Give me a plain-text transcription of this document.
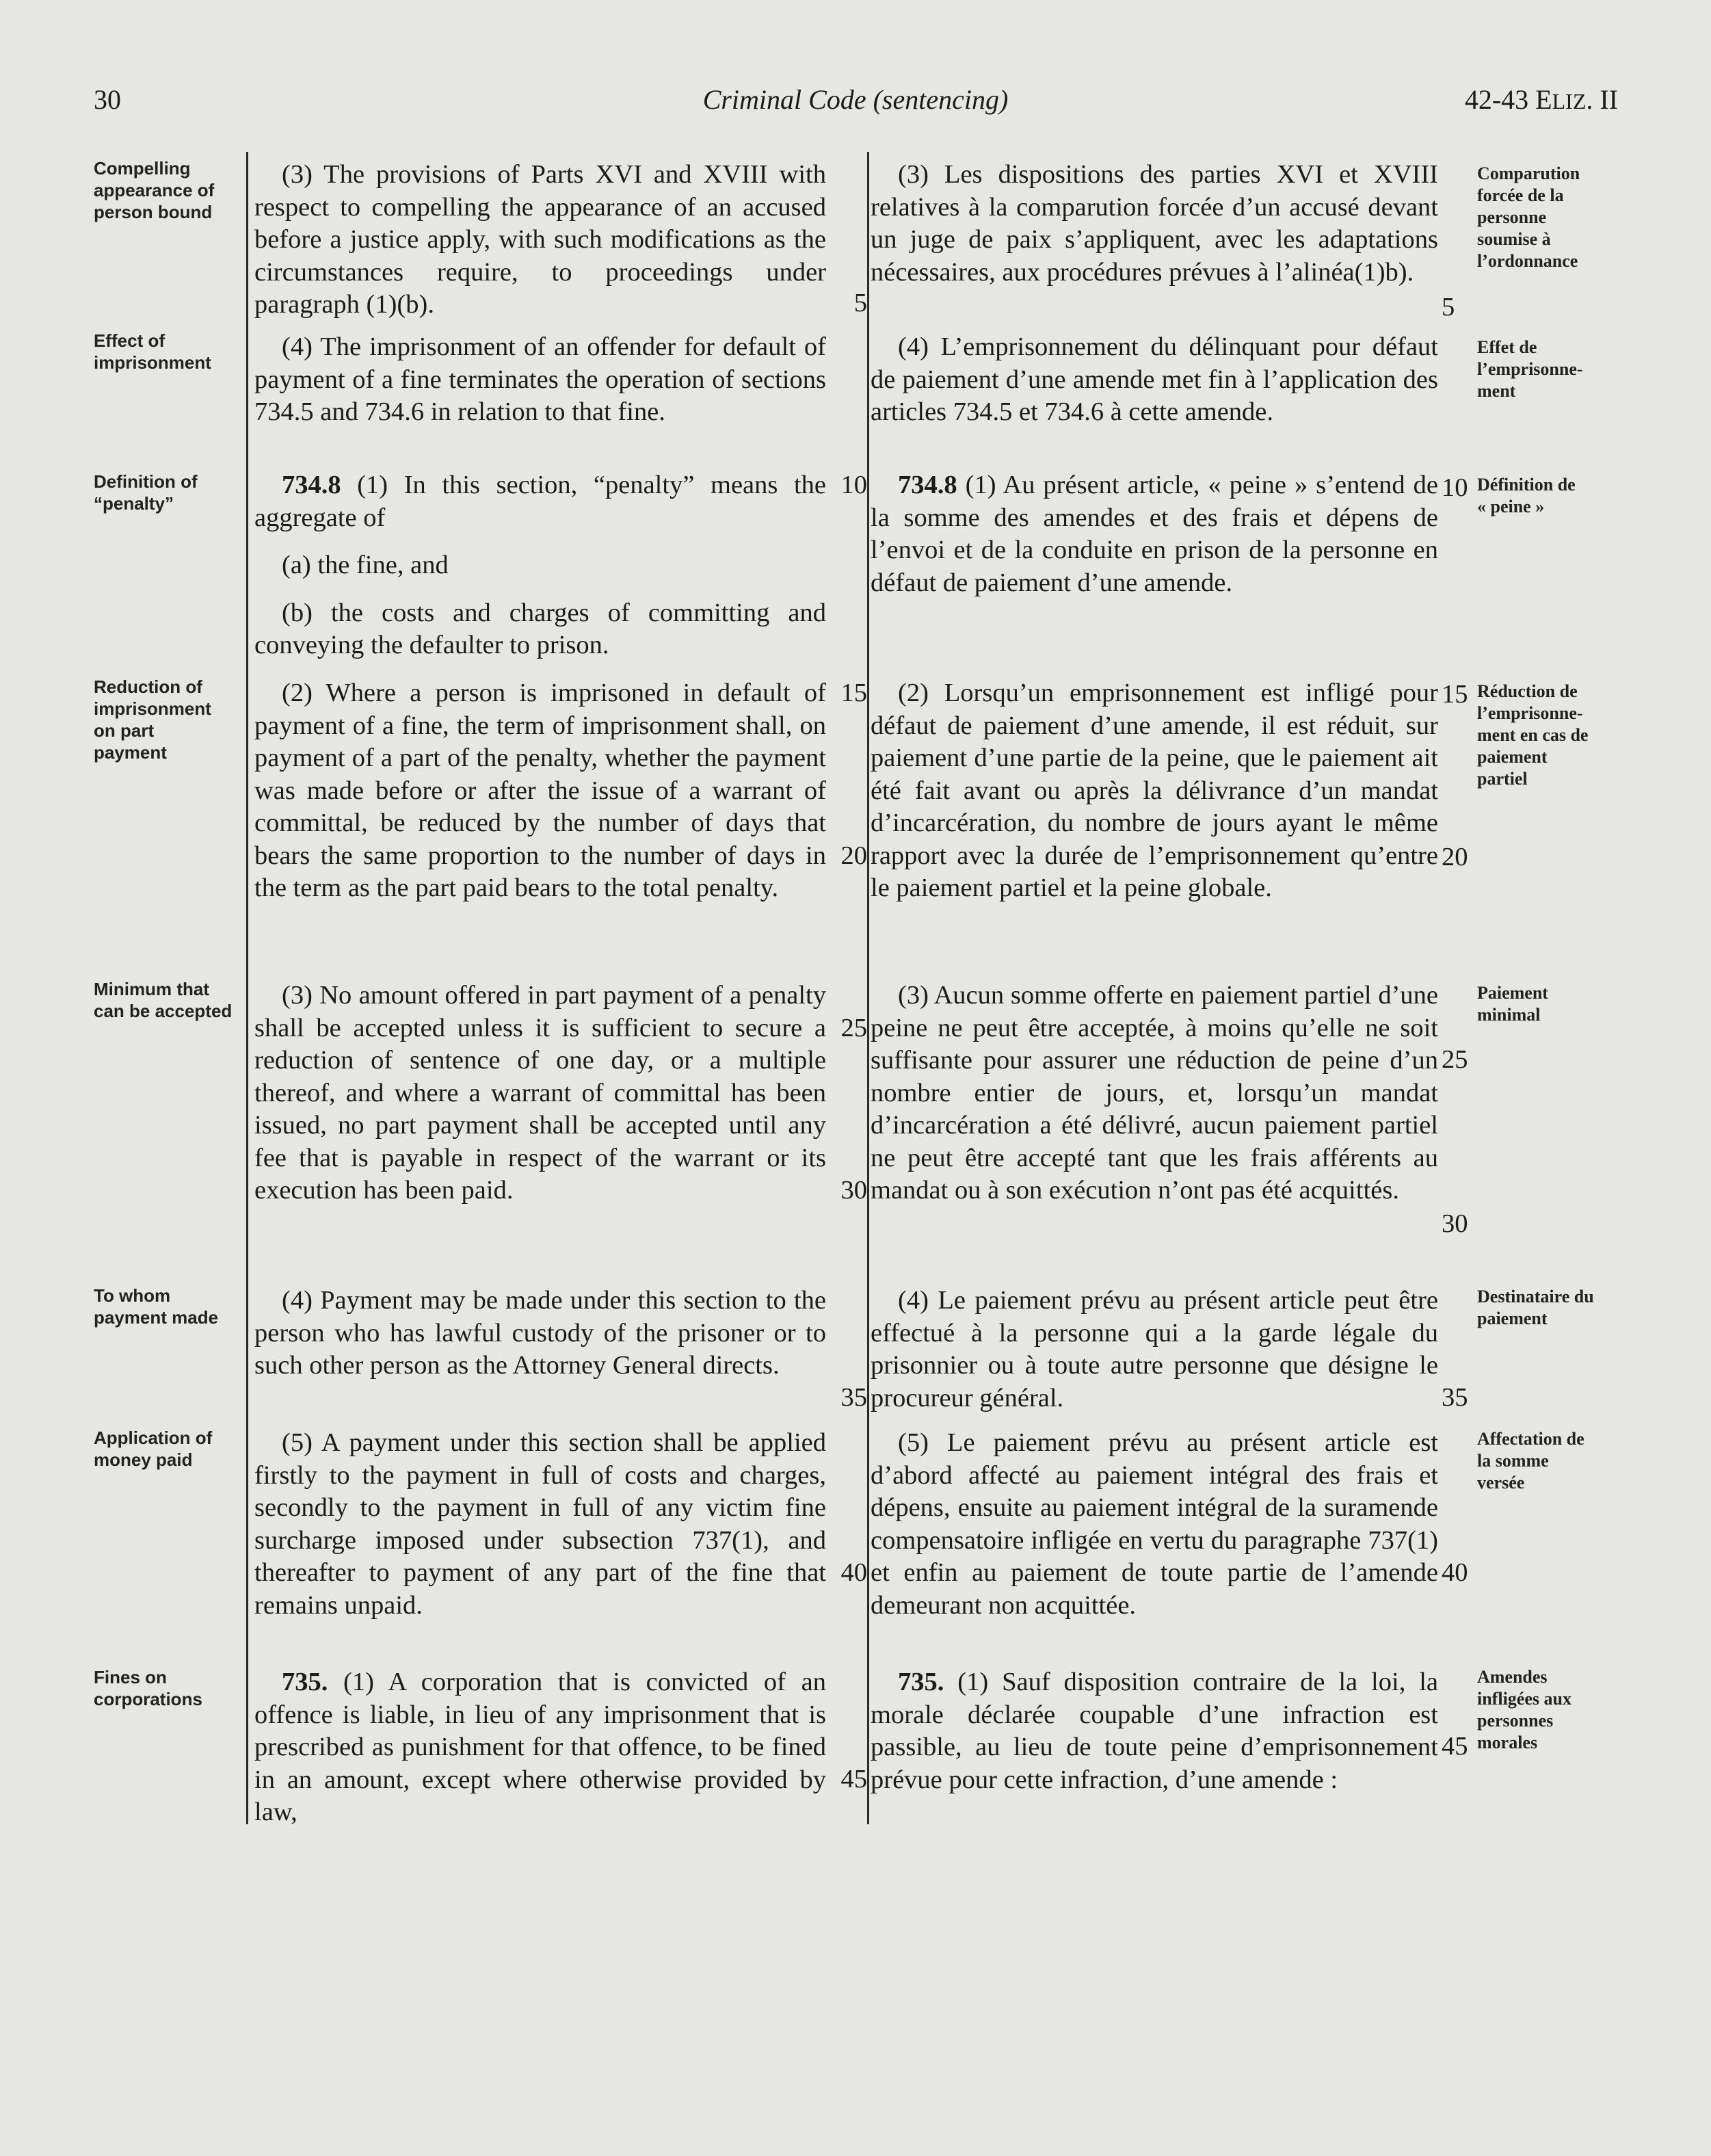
30	Criminal Code (sentencing)	42-43 ELIZ. II
Compelling
appearance of
person bound
Effect of
imprisonment
Definition of
“penalty”
Reduction of
imprisonment
on part
payment
Minimum that
can be accepted
To whom
payment made
Application of
money paid
Fines on
corporations
Comparution
forcée de la
personne
soumise à
l’ordonnance
Effet de
l’emprisonne-
ment
Définition de
« peine »
Réduction de
l’emprisonne-
ment en cas de
paiement
partiel
Paiement
minimal
Destinataire du
paiement
Affectation de
la somme
versée
Amendes
infligées aux
personnes
morales

(3) The provisions of Parts XVI and XVIII with respect to compelling the appearance of an accused before a justice apply, with such modifications as the circumstances require, to proceedings under paragraph (1)(b).

(4) The imprisonment of an offender for default of payment of a fine terminates the operation of sections 734.5 and 734.6 in relation to that fine.

734.8 (1) In this section, “penalty” means the aggregate of

(a) the fine, and

(b) the costs and charges of committing and conveying the defaulter to prison.

(2) Where a person is imprisoned in default of payment of a fine, the term of imprisonment shall, on payment of a part of the penalty, whether the payment was made before or after the issue of a warrant of committal, be reduced by the number of days that bears the same proportion to the number of days in the term as the part paid bears to the total penalty.

(3) No amount offered in part payment of a penalty shall be accepted unless it is sufficient to secure a reduction of sentence of one day, or a multiple thereof, and where a warrant of committal has been issued, no part payment shall be accepted until any fee that is payable in respect of the warrant or its execution has been paid.

(4) Payment may be made under this section to the person who has lawful custody of the prisoner or to such other person as the Attorney General directs.

(5) A payment under this section shall be applied firstly to the payment in full of costs and charges, secondly to the payment in full of any victim fine surcharge imposed under subsection 737(1), and thereafter to payment of any part of the fine that remains unpaid.

735. (1) A corporation that is convicted of an offence is liable, in lieu of any imprisonment that is prescribed as punishment for that offence, to be fined in an amount, except where otherwise provided by law,

(3) Les dispositions des parties XVI et XVIII relatives à la comparution forcée d’un accusé devant un juge de paix s’appliquent, avec les adaptations nécessaires, aux procédures prévues à l’alinéa(1)b).

(4) L’emprisonnement du délinquant pour défaut de paiement d’une amende met fin à l’application des articles 734.5 et 734.6 à cette amende.

734.8 (1) Au présent article, « peine » s’entend de la somme des amendes et des frais et dépens de l’envoi et de la conduite en prison de la personne en défaut de paiement d’une amende.

(2) Lorsqu’un emprisonnement est infligé pour défaut de paiement d’une amende, il est réduit, sur paiement d’une partie de la peine, que le paiement ait été fait avant ou après la délivrance d’un mandat d’incarcération, du nombre de jours ayant le même rapport avec la durée de l’emprisonnement qu’entre le paiement partiel et la peine globale.

(3) Aucun somme offerte en paiement partiel d’une peine ne peut être acceptée, à moins qu’elle ne soit suffisante pour assurer une réduction de peine d’un nombre entier de jours, et, lorsqu’un mandat d’incarcération a été délivré, aucun paiement partiel ne peut être accepté tant que les frais afférents au mandat ou à son exécution n’ont pas été acquittés.

(4) Le paiement prévu au présent article peut être effectué à la personne qui a la garde légale du prisonnier ou à toute autre personne que désigne le procureur général.

(5) Le paiement prévu au présent article est d’abord affecté au paiement intégral des frais et dépens, ensuite au paiement intégral de la suramende compensatoire infligée en vertu du paragraphe 737(1) et enfin au paiement de toute partie de l’amende demeurant non acquittée.

735. (1) Sauf disposition contraire de la loi, la morale déclarée coupable d’une infraction est passible, au lieu de toute peine d’emprisonnement prévue pour cette infraction, d’une amende :

5
10
15
20
25
30
35
40
45
5
10
15
20
25
30
35
40
45
